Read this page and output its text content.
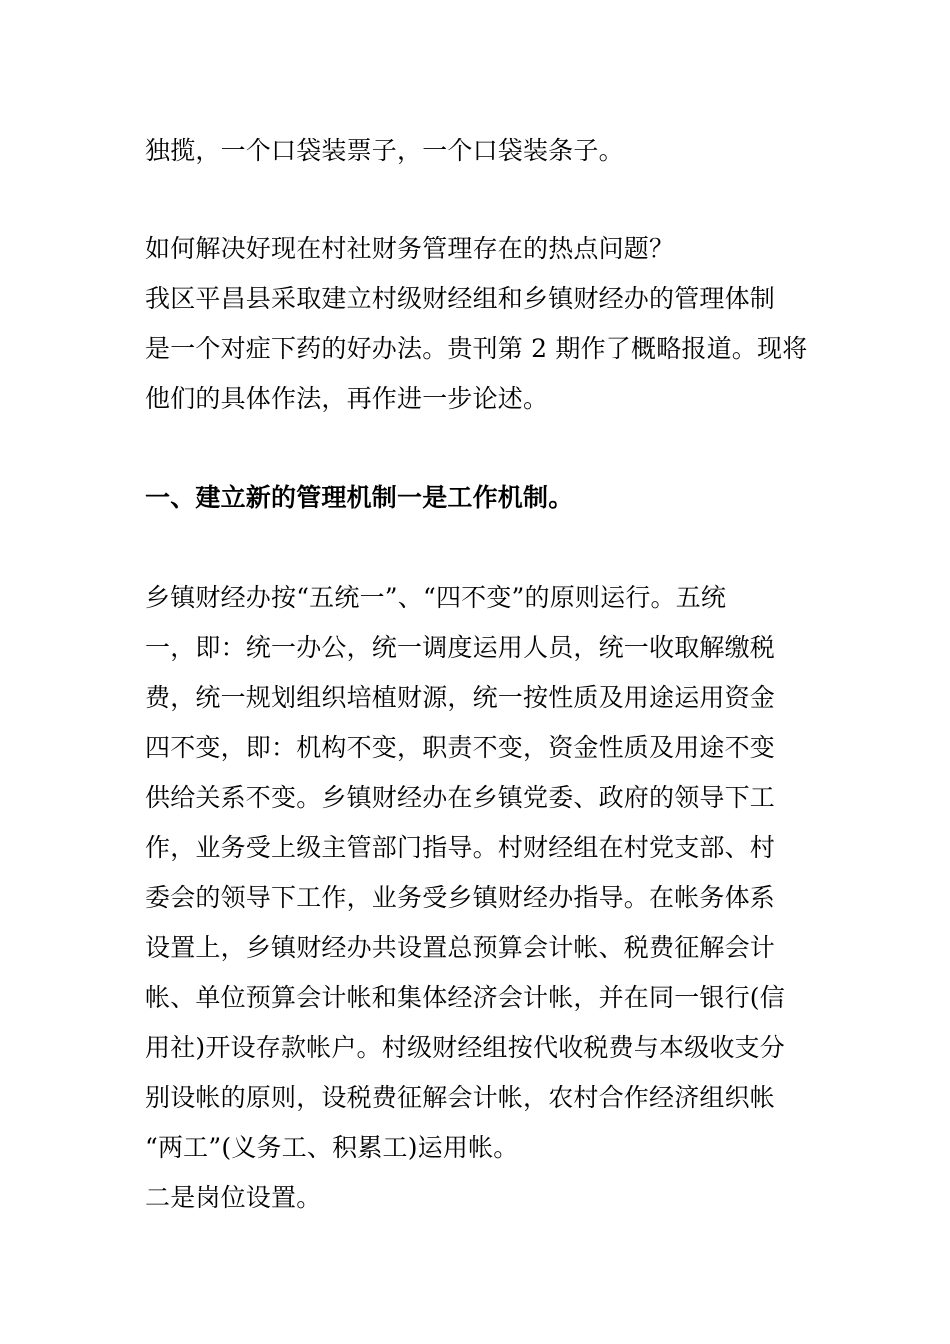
独揽，一个口袋装票子，一个口袋装条子。
如何解决好现在村社财务管理存在的热点问题？
我区平昌县采取建立村级财经组和乡镇财经办的管理体制
是一个对症下药的好办法。贵刊第 2 期作了概略报道。现将
他们的具体作法，再作进一步论述。
一、建立新的管理机制一是工作机制。
乡镇财经办按“五统一”、“四不变”的原则运行。五统
一，即：统一办公，统一调度运用人员，统一收取解缴税
费，统一规划组织培植财源，统一按性质及用途运用资金
四不变，即：机构不变，职责不变，资金性质及用途不变
供给关系不变。乡镇财经办在乡镇党委、政府的领导下工
作，业务受上级主管部门指导。村财经组在村党支部、村
委会的领导下工作，业务受乡镇财经办指导。在帐务体系
设置上，乡镇财经办共设置总预算会计帐、税费征解会计
帐、单位预算会计帐和集体经济会计帐，并在同一银行(信
用社)开设存款帐户。村级财经组按代收税费与本级收支分
别设帐的原则，设税费征解会计帐，农村合作经济组织帐
“两工”(义务工、积累工)运用帐。
二是岗位设置。
